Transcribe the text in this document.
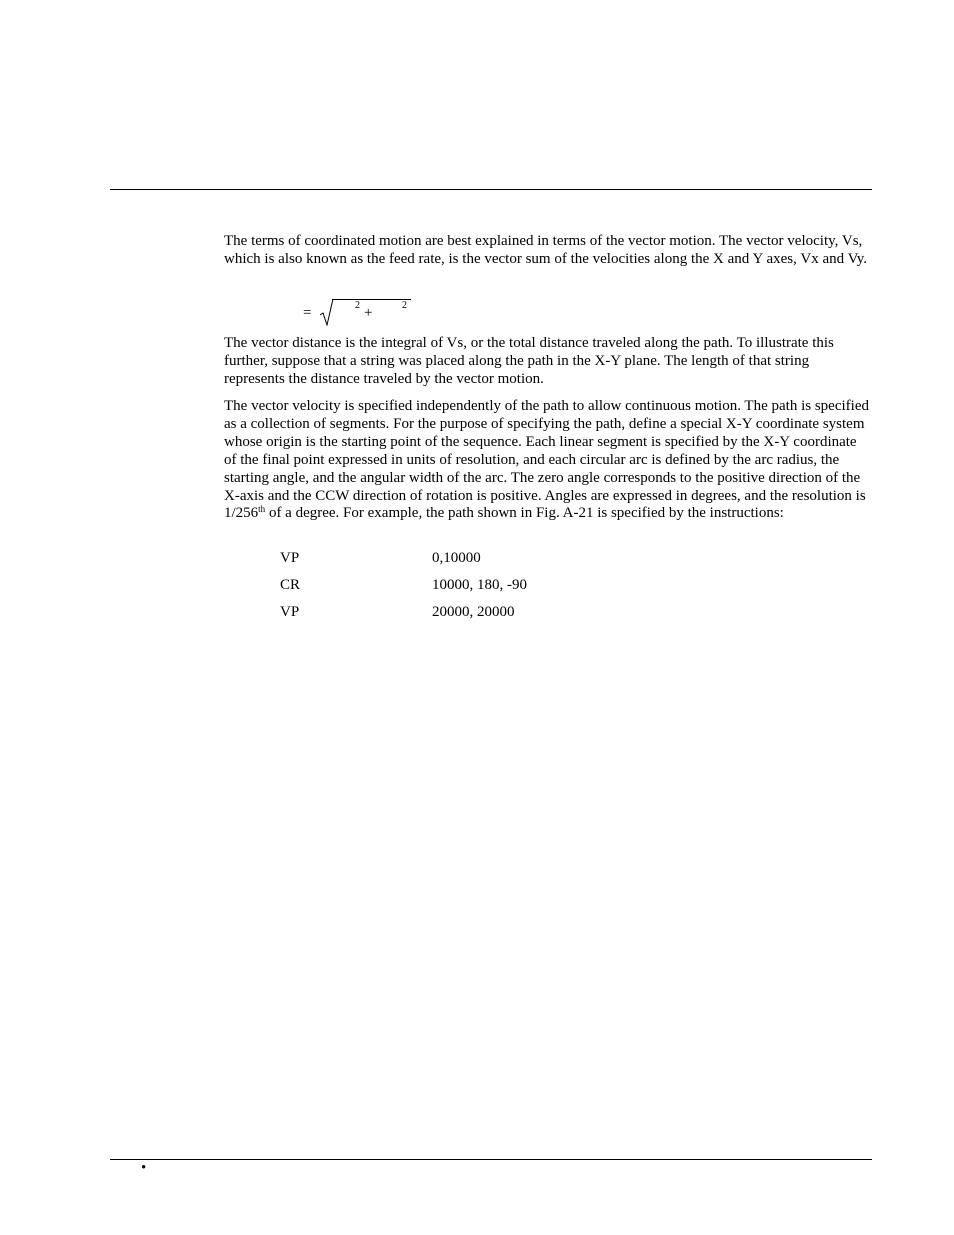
The terms of coordinated motion are best explained in terms of the vector motion. The vector velocity, Vs, which is also known as the feed rate, is the vector sum of the velocities along the X and Y axes, Vx and Vy.

=	2 +	2

The vector distance is the integral of Vs, or the total distance traveled along the path. To illustrate this further, suppose that a string was placed along the path in the X-Y plane. The length of that string represents the distance traveled by the vector motion.

The vector velocity is specified independently of the path to allow continuous motion. The path is specified as a collection of segments. For the purpose of specifying the path, define a special X-Y coordinate system whose origin is the starting point of the sequence. Each linear segment is specified by the X-Y coordinate of the final point expressed in units of resolution, and each circular arc is defined by the arc radius, the starting angle, and the angular width of the arc. The zero angle corresponds to the positive direction of the X-axis and the CCW direction of rotation is positive. Angles are expressed in degrees, and the resolution is 1/256th of a degree. For example, the path shown in Fig. A-21 is specified by the instructions:

VP	0,10000
CR	10000, 180, -90
VP	20000, 20000
•
